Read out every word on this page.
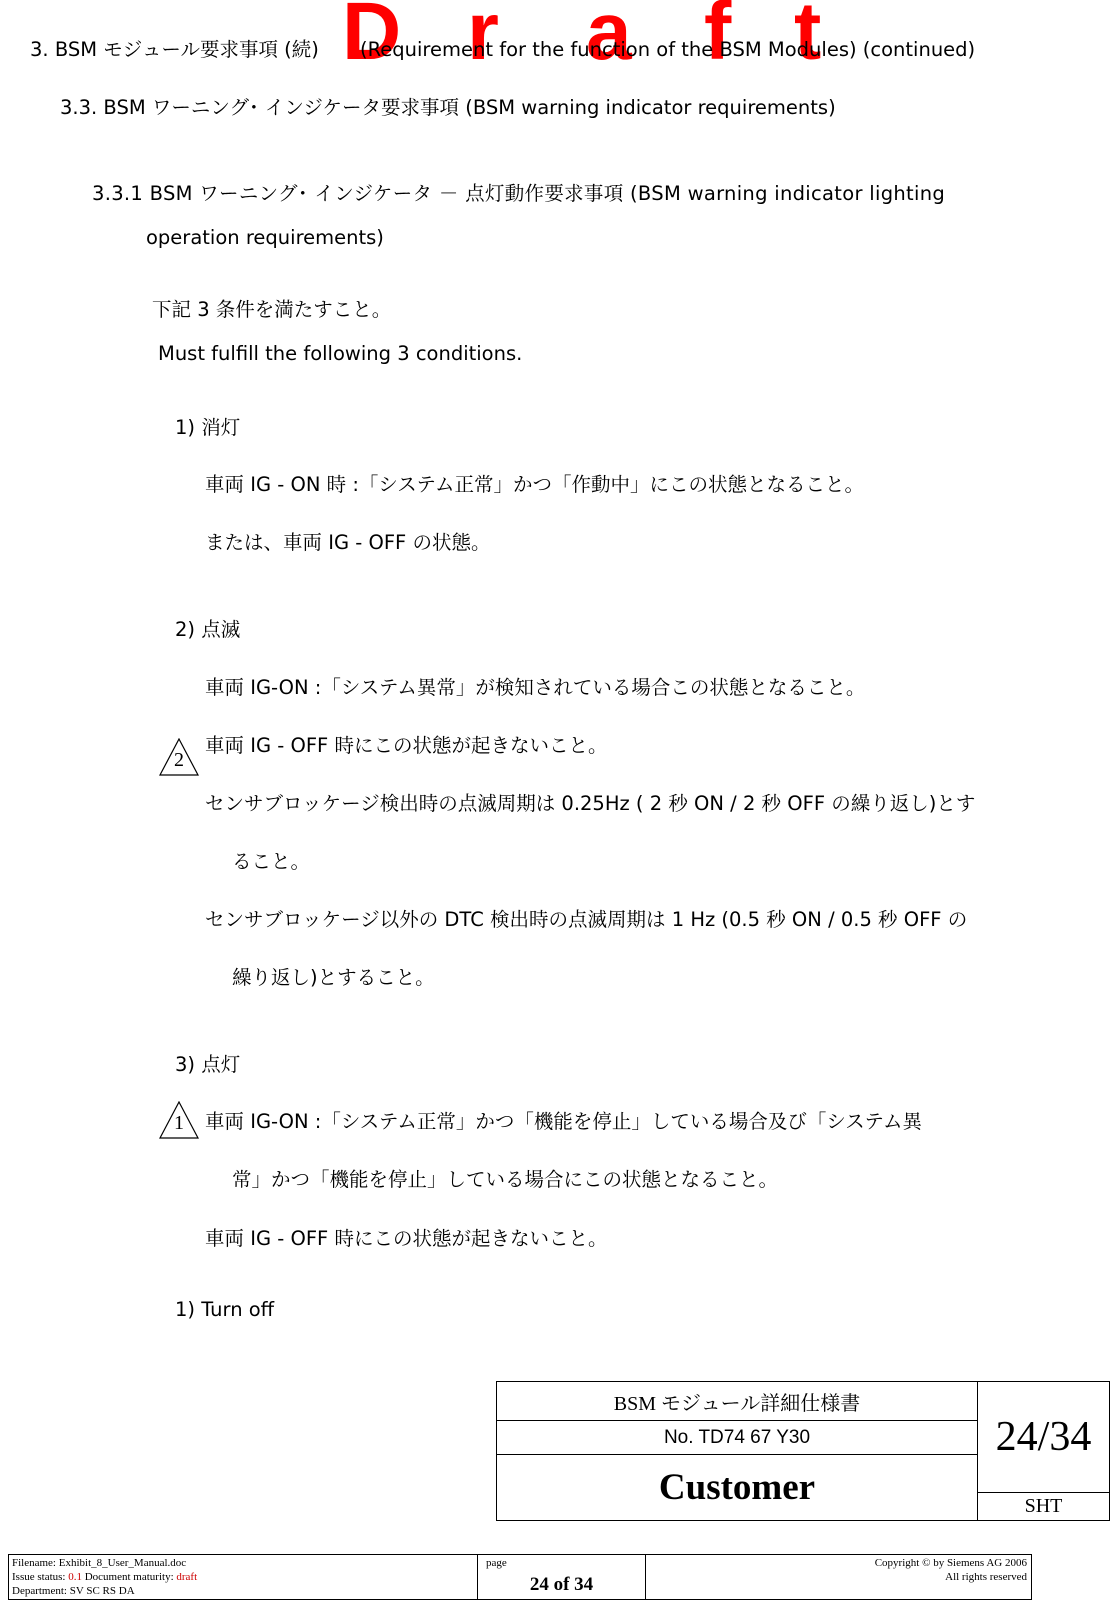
D r a f t
3. BSM モジュール要求事項 (続) (Requirement for the function of the BSM Modules) (continued)
3.3. BSM ワーニング･ インジケータ要求事項 (BSM warning indicator requirements)
3.3.1 BSM ワーニング･ インジケータ － 点灯動作要求事項 (BSM warning indicator lighting
operation requirements)
下記 3 条件を満たすこと。
Must fulfill the following 3 conditions.
1) 消灯
車両 IG - ON 時 :「システム正常」かつ「作動中」にこの状態となること。
または、車両 IG - OFF の状態。
2) 点滅
車両 IG-ON :「システム異常」が検知されている場合この状態となること。
2
車両 IG - OFF 時にこの状態が起きないこと。
センサブロッケージ検出時の点滅周期は 0.25Hz ( 2 秒 ON / 2 秒 OFF の繰り返し)とす
ること。
センサブロッケージ以外の DTC 検出時の点滅周期は 1 Hz (0.5 秒 ON / 0.5 秒 OFF の
繰り返し)とすること。
3) 点灯
1	車両 IG-ON :「システム正常」かつ「機能を停止」している場合及び「システム異
常」かつ「機能を停止」している場合にこの状態となること。
車両 IG - OFF 時にこの状態が起きないこと。
1) Turn off
BSM モジュール詳細仕様書
No. TD74 67 Y30
Customer
24/34
SHT
Filename: Exhibit_8_User_Manual.doc
Issue status: 0.1 Document maturity: draft
Department: SV SC RS DA
page
24 of 34
Copyright © by Siemens AG 2006
All rights reserved
